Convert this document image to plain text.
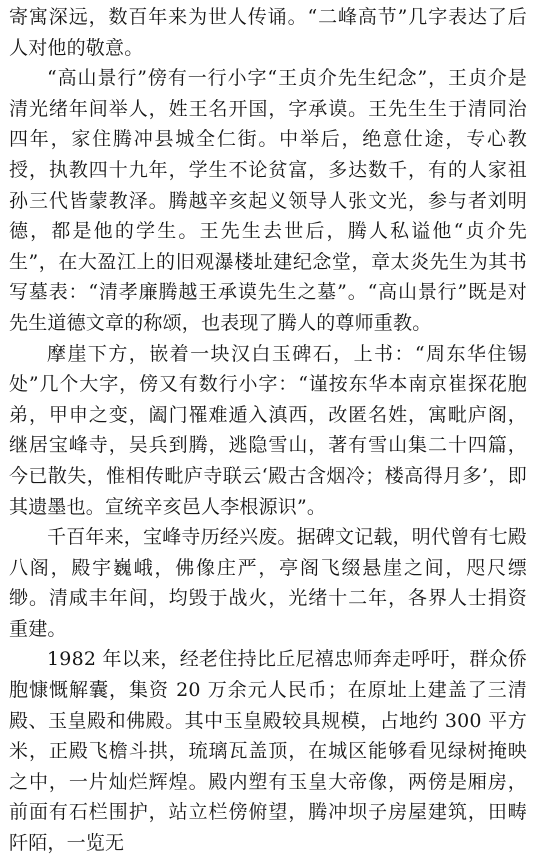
寄寓深远，数百年来为世人传诵。“二峰高节”几字表达了后人对他的敬意。

“高山景行”傍有一行小字“王贞介先生纪念”，王贞介是清光绪年间举人，姓王名开国，字承谟。王先生生于清同治四年，家住腾冲县城全仁街。中举后，绝意仕途，专心教授，执教四十九年，学生不论贫富，多达数千，有的人家祖孙三代皆蒙教泽。腾越辛亥起义领导人张文光，参与者刘明德，都是他的学生。王先生去世后，腾人私谥他“贞介先生”，在大盈江上的旧观瀑楼址建纪念堂，章太炎先生为其书写墓表：“清孝廉腾越王承谟先生之墓”。“高山景行”既是对先生道德文章的称颂，也表现了腾人的尊师重教。

摩崖下方，嵌着一块汉白玉碑石，上书：“周东华住锡处”几个大字，傍又有数行小字：“谨按东华本南京崔探花胞弟，甲申之变，阖门罹难遁入滇西，改匿名姓，寓毗庐阁，继居宝峰寺，吴兵到腾，逃隐雪山，著有雪山集二十四篇，今已散失，惟相传毗庐寺联云‘殿古含烟冷；楼高得月多’，即其遗墨也。宣统辛亥邑人李根源识”。

千百年来，宝峰寺历经兴废。据碑文记载，明代曾有七殿八阁，殿宇巍峨，佛像庄严，亭阁飞缀悬崖之间，咫尺缥缈。清咸丰年间，均毁于战火，光绪十二年，各界人士捐资重建。

1982 年以来，经老住持比丘尼禧忠师奔走呼吁，群众侨胞慷慨解囊，集资 20 万余元人民币；在原址上建盖了三清殿、玉皇殿和佛殿。其中玉皇殿较具规模，占地约 300 平方米，正殿飞檐斗拱，琉璃瓦盖顶，在城区能够看见绿树掩映之中，一片灿烂辉煌。殿内塑有玉皇大帝像，两傍是厢房，前面有石栏围护，站立栏傍俯望，腾冲坝子房屋建筑，田畴阡陌，一览无
